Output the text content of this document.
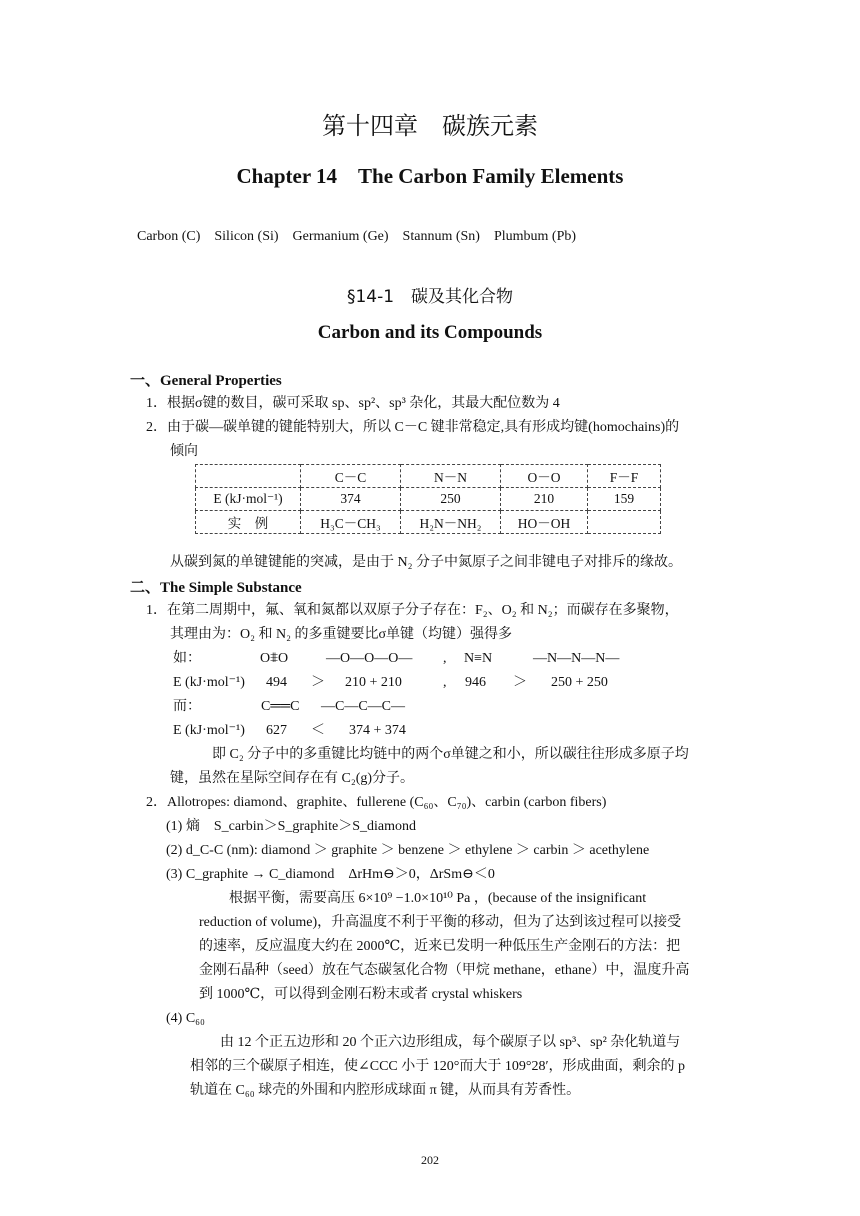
第十四章　碳族元素
Chapter 14　The Carbon Family Elements
Carbon (C)　Silicon (Si)　Germanium (Ge)　Stannum (Sn)　Plumbum (Pb)
§14-1　碳及其化合物
Carbon and its Compounds
一、General Properties
1．根据σ键的数目，碳可采取 sp、sp²、sp³ 杂化，其最大配位数为 4
2．由于碳—碳单键的键能特别大，所以 C－C 键非常稳定,具有形成均键(homochains)的
倾向
	C－C	N－N	O－O	F－F
E (kJ·mol⁻¹)	374	250	210	159
实　例	H₃C－CH₃	H₂N－NH₂	HO－OH	
从碳到氮的单键键能的突减，是由于 N₂ 分子中氮原子之间非键电子对排斥的缘故。
二、The Simple Substance
1．在第二周期中，氟、氧和氮都以双原子分子存在：F₂、O₂ 和 N₂；而碳存在多聚物，
其理由为：O₂ 和 N₂ 的多重键要比σ单键（均键）强得多
如：	O⩨O	—O—O—O— , N≡N	—N—N—N—
E (kJ·mol⁻¹) 494 ＞ 210 + 210	, 946 ＞ 250 + 250
而：	C══C —C—C—C—
E (kJ·mol⁻¹) 627 ＜ 374 + 374
即 C₂ 分子中的多重键比均链中的两个σ单键之和小，所以碳往往形成多原子均
键，虽然在星际空间存在有 C₂(g)分子。
2．Allotropes: diamond、graphite、fullerene (C₆₀、C₇₀)、carbin (carbon fibers)
(1) 熵　S_carbin＞S_graphite＞S_diamond
(2) d_C-C (nm): diamond ＞ graphite ＞ benzene ＞ ethylene ＞ carbin ＞ acethylene
(3) C_graphite → C_diamond　ΔrHm⊖＞0，ΔrSm⊖＜0
根据平衡，需要高压 6×10⁹ −1.0×10¹⁰ Pa ，(because of the insignificant
reduction of volume)，升高温度不利于平衡的移动，但为了达到该过程可以接受
的速率，反应温度大约在 2000℃，近来已发明一种低压生产金刚石的方法：把
金刚石晶种（seed）放在气态碳氢化合物（甲烷 methane，ethane）中，温度升高
到 1000℃，可以得到金刚石粉末或者 crystal whiskers
(4) C₆₀
由 12 个正五边形和 20 个正六边形组成，每个碳原子以 sp³、sp² 杂化轨道与
相邻的三个碳原子相连，使∠CCC 小于 120°而大于 109°28′，形成曲面，剩余的 p
轨道在 C₆₀ 球壳的外围和内腔形成球面 π 键，从而具有芳香性。
202
